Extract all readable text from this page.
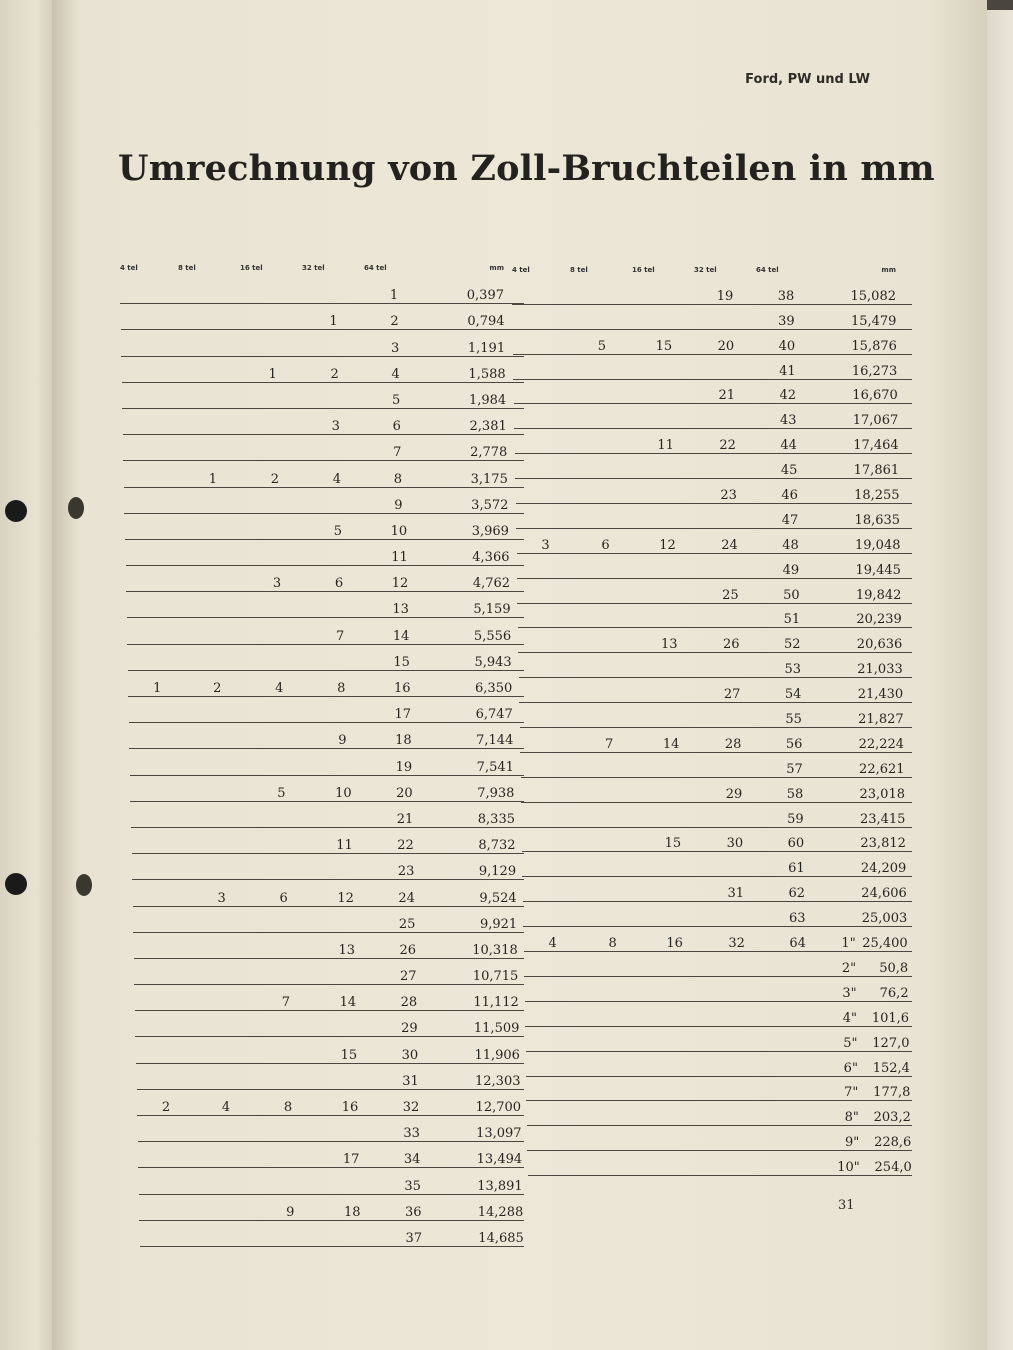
Ford, PW und LW
Umrechnung von Zoll-Bruchteilen in mm
4 tel	8 tel	16 tel	32 tel	64 tel	mm
1	0,397
1	2	0,794
3	1,191
1	2	4	1,588
5	1,984
3	6	2,381
7	2,778
1	2	4	8	3,175
9	3,572
5	10	3,969
11	4,366
3	6	12	4,762
13	5,159
7	14	5,556
15	5,943
1	2	4	8	16	6,350
17	6,747
9	18	7,144
19	7,541
5	10	20	7,938
21	8,335
11	22	8,732
23	9,129
3	6	12	24	9,524
25	9,921
13	26	10,318
27	10,715
7	14	28	11,112
29	11,509
15	30	11,906
31	12,303
2	4	8	16	32	12,700
33	13,097
17	34	13,494
35	13,891
9	18	36	14,288
37	14,685
4 tel	8 tel	16 tel	32 tel	64 tel	mm
19	38	15,082
39	15,479
5	15	20	40	15,876
41	16,273
21	42	16,670
43	17,067
11	22	44	17,464
45	17,861
23	46	18,255
47	18,635
3	6	12	24	48	19,048
49	19,445
25	50	19,842
51	20,239
13	26	52	20,636
53	21,033
27	54	21,430
55	21,827
7	14	28	56	22,224
57	22,621
29	58	23,018
59	23,415
15	30	60	23,812
61	24,209
31	62	24,606
63	25,003
4	8	16	32	64	1" 25,400
2"	50,8
3"	76,2
4"	101,6
5"	127,0
6"	152,4
7"	177,8
8"	203,2
9"	228,6
10"	254,0
31
